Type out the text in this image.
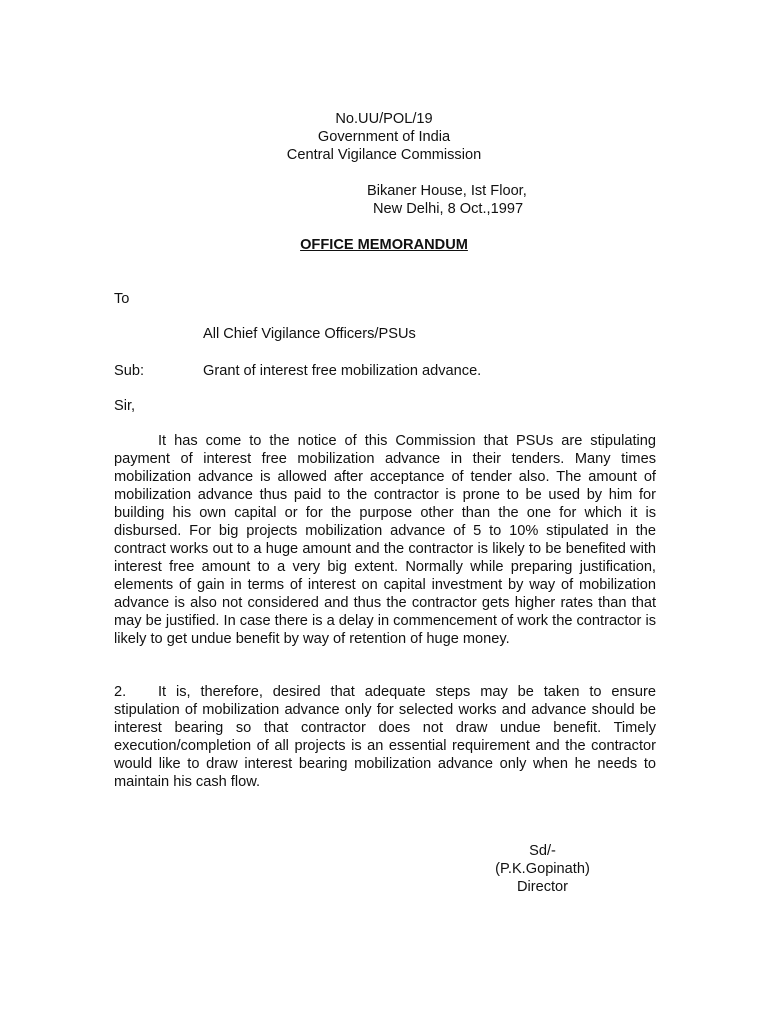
No.UU/POL/19
Government of India
Central Vigilance Commission
Bikaner House, Ist Floor,
New Delhi, 8 Oct.,1997
OFFICE MEMORANDUM
To
All Chief Vigilance Officers/PSUs
Sub:	Grant of interest free mobilization advance.
Sir,

It has come to the notice of this Commission that PSUs are stipulating payment of interest free mobilization advance in their tenders. Many times mobilization advance is allowed after acceptance of tender also. The amount of mobilization advance thus paid to the contractor is prone to be used by him for building his own capital or for the purpose other than the one for which it is disbursed. For big projects mobilization advance of 5 to 10% stipulated in the contract works out to a huge amount and the contractor is likely to be benefited with interest free amount to a very big extent. Normally while preparing justification, elements of gain in terms of interest on capital investment by way of mobilization advance is also not considered and thus the contractor gets higher rates than that may be justified. In case there is a delay in commencement of work the contractor is likely to get undue benefit by way of retention of huge money.

2. It is, therefore, desired that adequate steps may be taken to ensure stipulation of mobilization advance only for selected works and advance should be interest bearing so that contractor does not draw undue benefit. Timely execution/completion of all projects is an essential requirement and the contractor would like to draw interest bearing mobilization advance only when he needs to maintain his cash flow.

Sd/-
(P.K.Gopinath)
Director
